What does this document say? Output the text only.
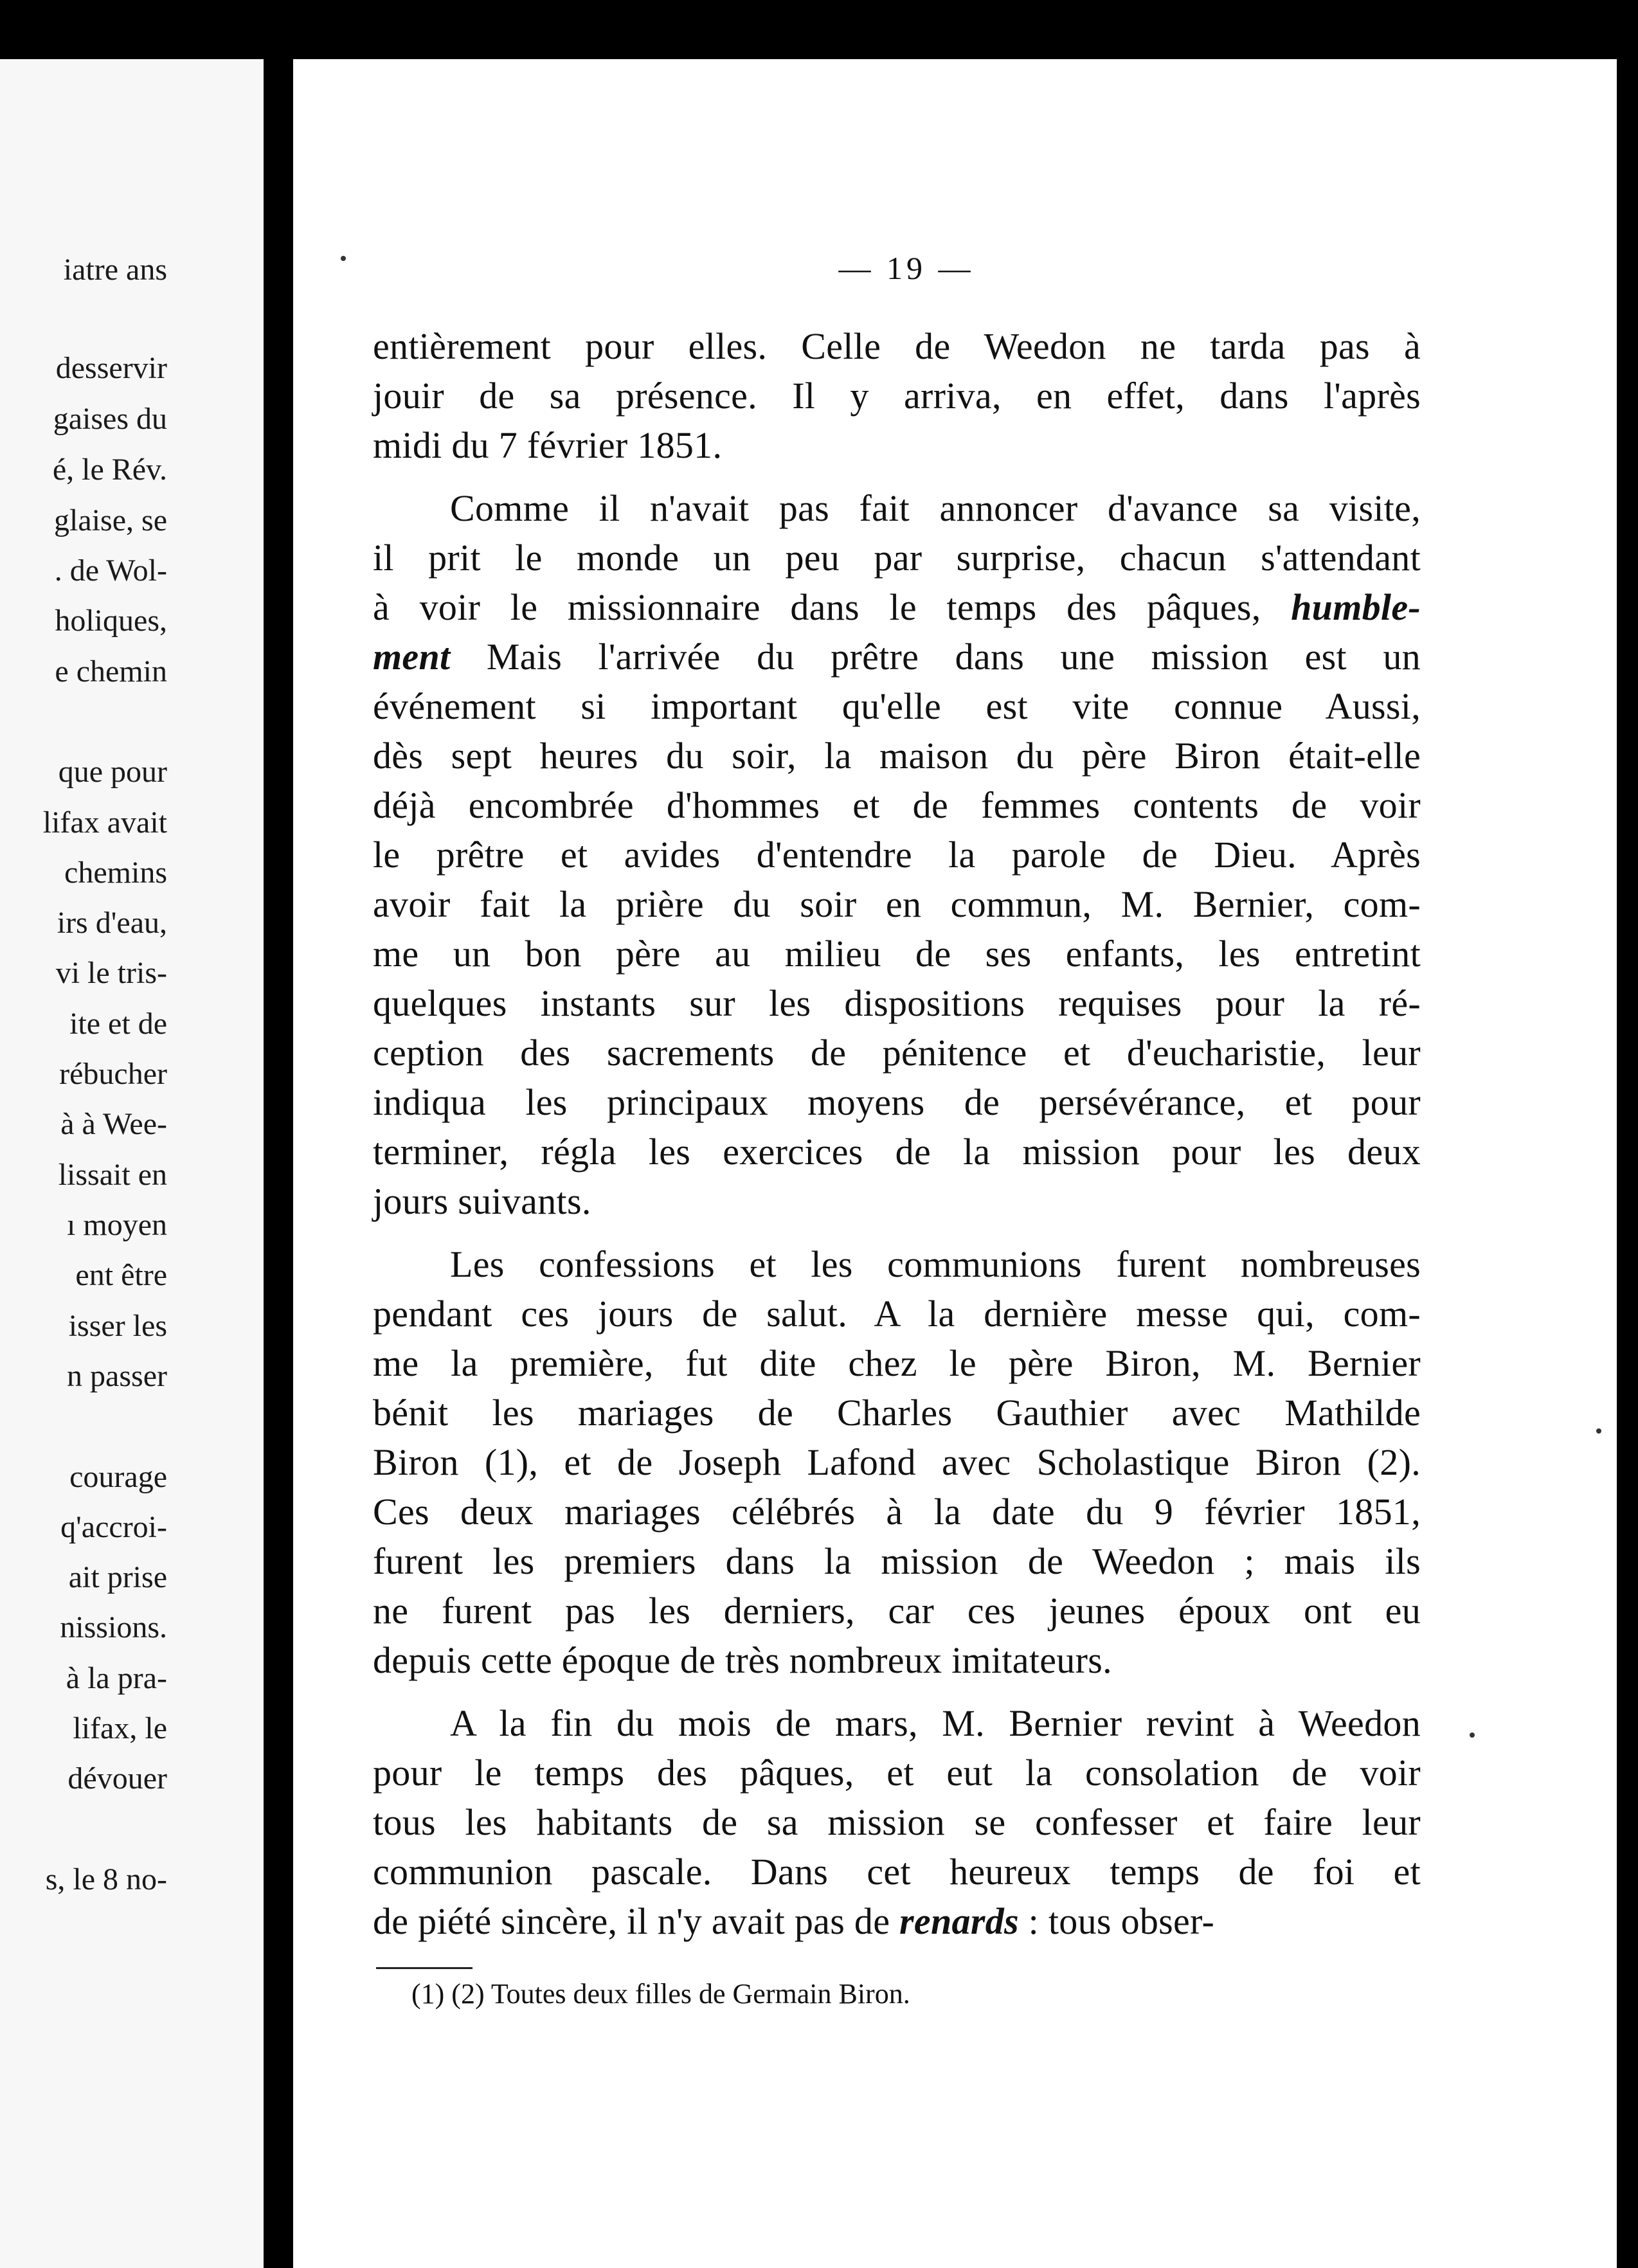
iatre ans
desservir
gaises du
é, le Rév.
glaise, se
. de Wol-
holiques,
e chemin
que pour
lifax avait
chemins
irs d'eau,
vi le tris-
ite et de
rébucher
à à Wee-
lissait en
ı moyen
ent être
isser les
n passer
courage
q'accroi-
ait prise
nissions.
à la pra-
lifax, le
dévouer
s, le 8 no-
— 19 —
entièrement pour elles. Celle de Weedon ne tarda pas à
jouir de sa présence. Il y arriva, en effet, dans l'après
midi du 7 février 1851.
Comme il n'avait pas fait annoncer d'avance sa visite,
il prit le monde un peu par surprise, chacun s'attendant
à voir le missionnaire dans le temps des pâques, humble-
ment Mais l'arrivée du prêtre dans une mission est un
événement si important qu'elle est vite connue Aussi,
dès sept heures du soir, la maison du père Biron était-elle
déjà encombrée d'hommes et de femmes contents de voir
le prêtre et avides d'entendre la parole de Dieu. Après
avoir fait la prière du soir en commun, M. Bernier, com-
me un bon père au milieu de ses enfants, les entretint
quelques instants sur les dispositions requises pour la ré-
ception des sacrements de pénitence et d'eucharistie, leur
indiqua les principaux moyens de persévérance, et pour
terminer, régla les exercices de la mission pour les deux
jours suivants.
Les confessions et les communions furent nombreuses
pendant ces jours de salut. A la dernière messe qui, com-
me la première, fut dite chez le père Biron, M. Bernier
bénit les mariages de Charles Gauthier avec Mathilde
Biron (1), et de Joseph Lafond avec Scholastique Biron (2).
Ces deux mariages célébrés à la date du 9 février 1851,
furent les premiers dans la mission de Weedon ; mais ils
ne furent pas les derniers, car ces jeunes époux ont eu
depuis cette époque de très nombreux imitateurs.
A la fin du mois de mars, M. Bernier revint à Weedon
pour le temps des pâques, et eut la consolation de voir
tous les habitants de sa mission se confesser et faire leur
communion pascale. Dans cet heureux temps de foi et
de piété sincère, il n'y avait pas de renards : tous obser-
(1) (2) Toutes deux filles de Germain Biron.
